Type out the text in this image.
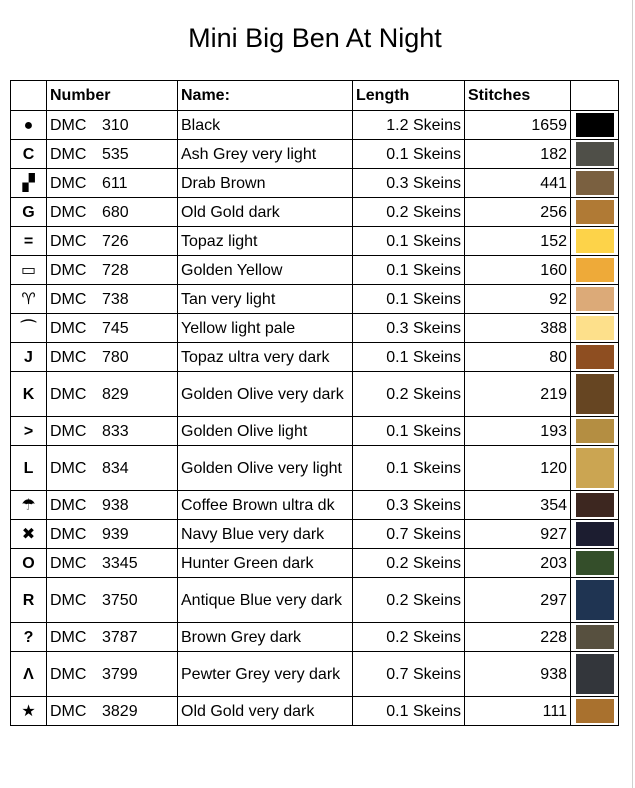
Mini Big Ben At Night
	Number	Name:	Length	Stitches	
●	DMC 310	Black	1.2 Skeins	1659	

C	DMC 535	Ash Grey very light	0.1 Skeins	182	

▞	DMC 611	Drab Brown	0.3 Skeins	441	

G	DMC 680	Old Gold dark	0.2 Skeins	256	

=	DMC 726	Topaz light	0.1 Skeins	152	

▭	DMC 728	Golden Yellow	0.1 Skeins	160	

♈	DMC 738	Tan very light	0.1 Skeins	92	

⌒	DMC 745	Yellow light pale	0.3 Skeins	388	

J	DMC 780	Topaz ultra very dark	0.1 Skeins	80	

K	DMC 829	Golden Olive very dark	0.2 Skeins	219	

>	DMC 833	Golden Olive light	0.1 Skeins	193	

L	DMC 834	Golden Olive very light	0.1 Skeins	120	

☂	DMC 938	Coffee Brown ultra dk	0.3 Skeins	354	

✖	DMC 939	Navy Blue very dark	0.7 Skeins	927	

O	DMC 3345	Hunter Green dark	0.2 Skeins	203	

R	DMC 3750	Antique Blue very dark	0.2 Skeins	297	

?	DMC 3787	Brown Grey dark	0.2 Skeins	228	

Λ	DMC 3799	Pewter Grey very dark	0.7 Skeins	938	

★	DMC 3829	Old Gold very dark	0.1 Skeins	111	
